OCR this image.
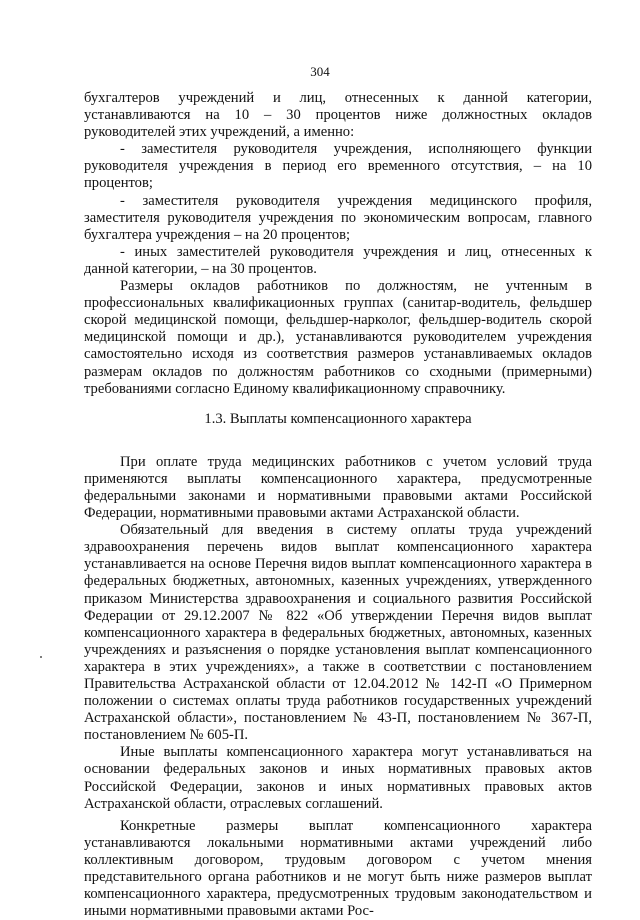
304

бухгалтеров учреждений и лиц, отнесенных к данной категории, устанавливаются на 10 – 30 процентов ниже должностных окладов руководителей этих учреждений, а именно:

- заместителя руководителя учреждения, исполняющего функции руководителя учреждения в период его временного отсутствия, – на 10 процентов;

- заместителя руководителя учреждения медицинского профиля, заместителя руководителя учреждения по экономическим вопросам, главного бухгалтера учреждения – на 20 процентов;

- иных заместителей руководителя учреждения и лиц, отнесенных к данной категории, – на 30 процентов.

Размеры окладов работников по должностям, не учтенным в профессиональных квалификационных группах (санитар-водитель, фельдшер скорой медицинской помощи, фельдшер-нарколог, фельдшер-водитель скорой медицинской помощи и др.), устанавливаются руководителем учреждения самостоятельно исходя из соответствия размеров устанавливаемых окладов размерам окладов по должностям работников со сходными (примерными) требованиями согласно Единому квалификационному справочнику.

1.3. Выплаты компенсационного характера

При оплате труда медицинских работников с учетом условий труда применяются выплаты компенсационного характера, предусмотренные федеральными законами и нормативными правовыми актами Российской Федерации, нормативными правовыми актами Астраханской области.

Обязательный для введения в систему оплаты труда учреждений здравоохранения перечень видов выплат компенсационного характера устанавливается на основе Перечня видов выплат компенсационного характера в федеральных бюджетных, автономных, казенных учреждениях, утвержденного приказом Министерства здравоохранения и социального развития Российской Федерации от 29.12.2007 № 822 «Об утверждении Перечня видов выплат компенсационного характера в федеральных бюджетных, автономных, казенных учреждениях и разъяснения о порядке установления выплат компенсационного характера в этих учреждениях», а также в соответствии с постановлением Правительства Астраханской области от 12.04.2012 № 142-П «О Примерном положении о системах оплаты труда работников государственных учреждений Астраханской области», постановлением № 43-П, постановлением № 367-П, постановлением № 605-П.

Иные выплаты компенсационного характера могут устанавливаться на основании федеральных законов и иных нормативных правовых актов Российской Федерации, законов и иных нормативных правовых актов Астраханской области, отраслевых соглашений.

Конкретные размеры выплат компенсационного характера устанавливаются локальными нормативными актами учреждений либо коллективным договором, трудовым договором с учетом мнения представительного органа работников и не могут быть ниже размеров выплат компенсационного характера, предусмотренных трудовым законодательством и иными нормативными правовыми актами Рос-
